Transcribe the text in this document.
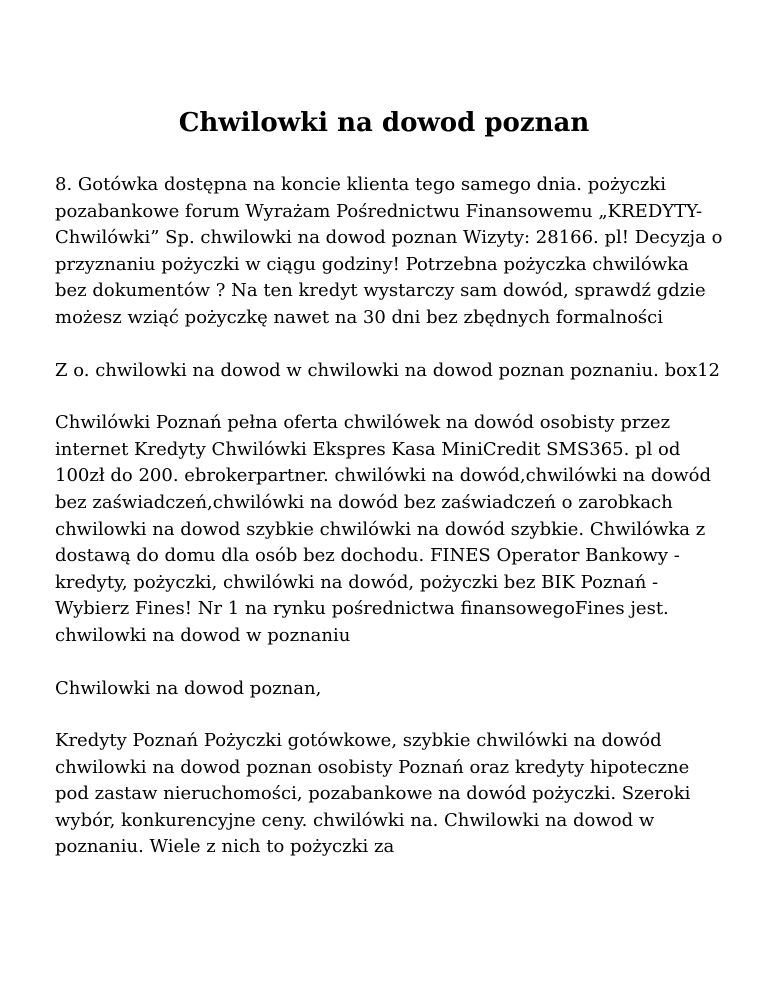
Chwilowki na dowod poznan

8. Gotówka dostępna na koncie klienta tego samego dnia. pożyczki pozabankowe forum Wyrażam Pośrednictwu Finansowemu „KREDYTY-Chwilówki” Sp. chwilowki na dowod poznan Wizyty: 28166. pl! Decyzja o przyznaniu pożyczki w ciągu godziny! Potrzebna pożyczka chwilówka bez dokumentów ? Na ten kredyt wystarczy sam dowód, sprawdź gdzie możesz wziąć pożyczkę nawet na 30 dni bez zbędnych formalności

Z o. chwilowki na dowod w chwilowki na dowod poznan poznaniu. box12

Chwilówki Poznań pełna oferta chwilówek na dowód osobisty przez internet Kredyty Chwilówki Ekspres Kasa MiniCredit SMS365. pl od 100zł do 200. ebrokerpartner. chwilówki na dowód,chwilówki na dowód bez zaświadczeń,chwilówki na dowód bez zaświadczeń o zarobkach chwilowki na dowod szybkie chwilówki na dowód szybkie. Chwilówka z dostawą do domu dla osób bez dochodu. FINES Operator Bankowy - kredyty, pożyczki, chwilówki na dowód, pożyczki bez BIK Poznań - Wybierz Fines! Nr 1 na rynku pośrednictwa finansowegoFines jest. chwilowki na dowod w poznaniu

Chwilowki na dowod poznan,

Kredyty Poznań Pożyczki gotówkowe, szybkie chwilówki na dowód chwilowki na dowod poznan osobisty Poznań oraz kredyty hipoteczne pod zastaw nieruchomości, pozabankowe na dowód pożyczki. Szeroki wybór, konkurencyjne ceny. chwilówki na. Chwilowki na dowod w poznaniu. Wiele z nich to pożyczki za
